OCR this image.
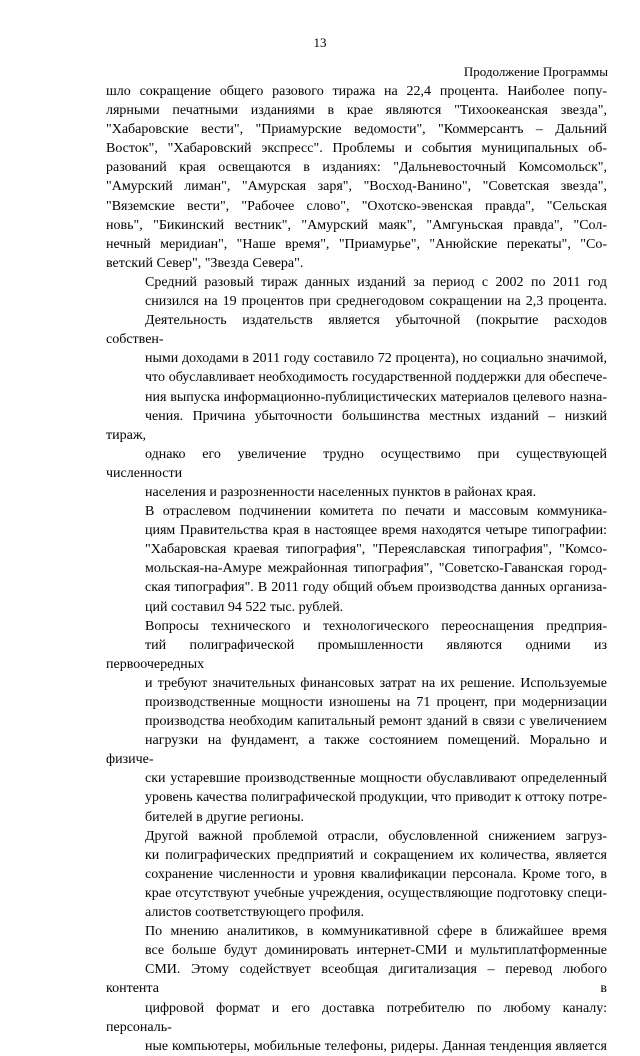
13
Продолжение Программы

шло сокращение общего разового тиража на 22,4 процента. Наиболее попу-
лярными печатными изданиями в крае являются "Тихоокеанская звезда",
"Хабаровские вести", "Приамурские ведомости", "Коммерсантъ – Дальний
Восток", "Хабаровский экспресс". Проблемы и события муниципальных об-
разований края освещаются в изданиях: "Дальневосточный Комсомольск",
"Амурский лиман", "Амурская заря", "Восход-Ванино", "Советская звезда",
"Вяземские вести", "Рабочее слово", "Охотско-эвенская правда", "Сельская
новь", "Бикинский вестник", "Амурский маяк", "Амгуньская правда", "Сол-
нечный меридиан", "Наше время", "Приамурье", "Анюйские перекаты", "Со-
ветский Север", "Звезда Севера".

Средний разовый тираж данных изданий за период с 2002 по 2011 год
снизился на 19 процентов при среднегодовом сокращении на 2,3 процента.
Деятельность издательств является убыточной (покрытие расходов собствен-
ными доходами в 2011 году составило 72 процента), но социально значимой,
что обуславливает необходимость государственной поддержки для обеспече-
ния выпуска информационно-публицистических материалов целевого назна-
чения. Причина убыточности большинства местных изданий – низкий тираж,
однако его увеличение трудно осуществимо при существующей численности
населения и разрозненности населенных пунктов в районах края.

В отраслевом подчинении комитета по печати и массовым коммуника-
циям Правительства края в настоящее время находятся четыре типографии:
"Хабаровская краевая типография", "Переяславская типография", "Комсо-
мольская-на-Амуре межрайонная типография", "Советско-Гаванская город-
ская типография". В 2011 году общий объем производства данных организа-
ций составил 94 522 тыс. рублей.

Вопросы технического и технологического переоснащения предприя-
тий полиграфической промышленности являются одними из первоочередных
и требуют значительных финансовых затрат на их решение. Используемые
производственные мощности изношены на 71 процент, при модернизации
производства необходим капитальный ремонт зданий в связи с увеличением
нагрузки на фундамент, а также состоянием помещений. Морально и физиче-
ски устаревшие производственные мощности обуславливают определенный
уровень качества полиграфической продукции, что приводит к оттоку потре-
бителей в другие регионы.

Другой важной проблемой отрасли, обусловленной снижением загруз-
ки полиграфических предприятий и сокращением их количества, является
сохранение численности и уровня квалификации персонала. Кроме того, в
крае отсутствуют учебные учреждения, осуществляющие подготовку специ-
алистов соответствующего профиля.

По мнению аналитиков, в коммуникативной сфере в ближайшее время
все больше будут доминировать интернет-СМИ и мультиплатформенные
СМИ. Этому содействует всеобщая дигитализация – перевод любого контента в
цифровой формат и его доставка потребителю по любому каналу: персональ-
ные компьютеры, мобильные телефоны, ридеры. Данная тенденция является
